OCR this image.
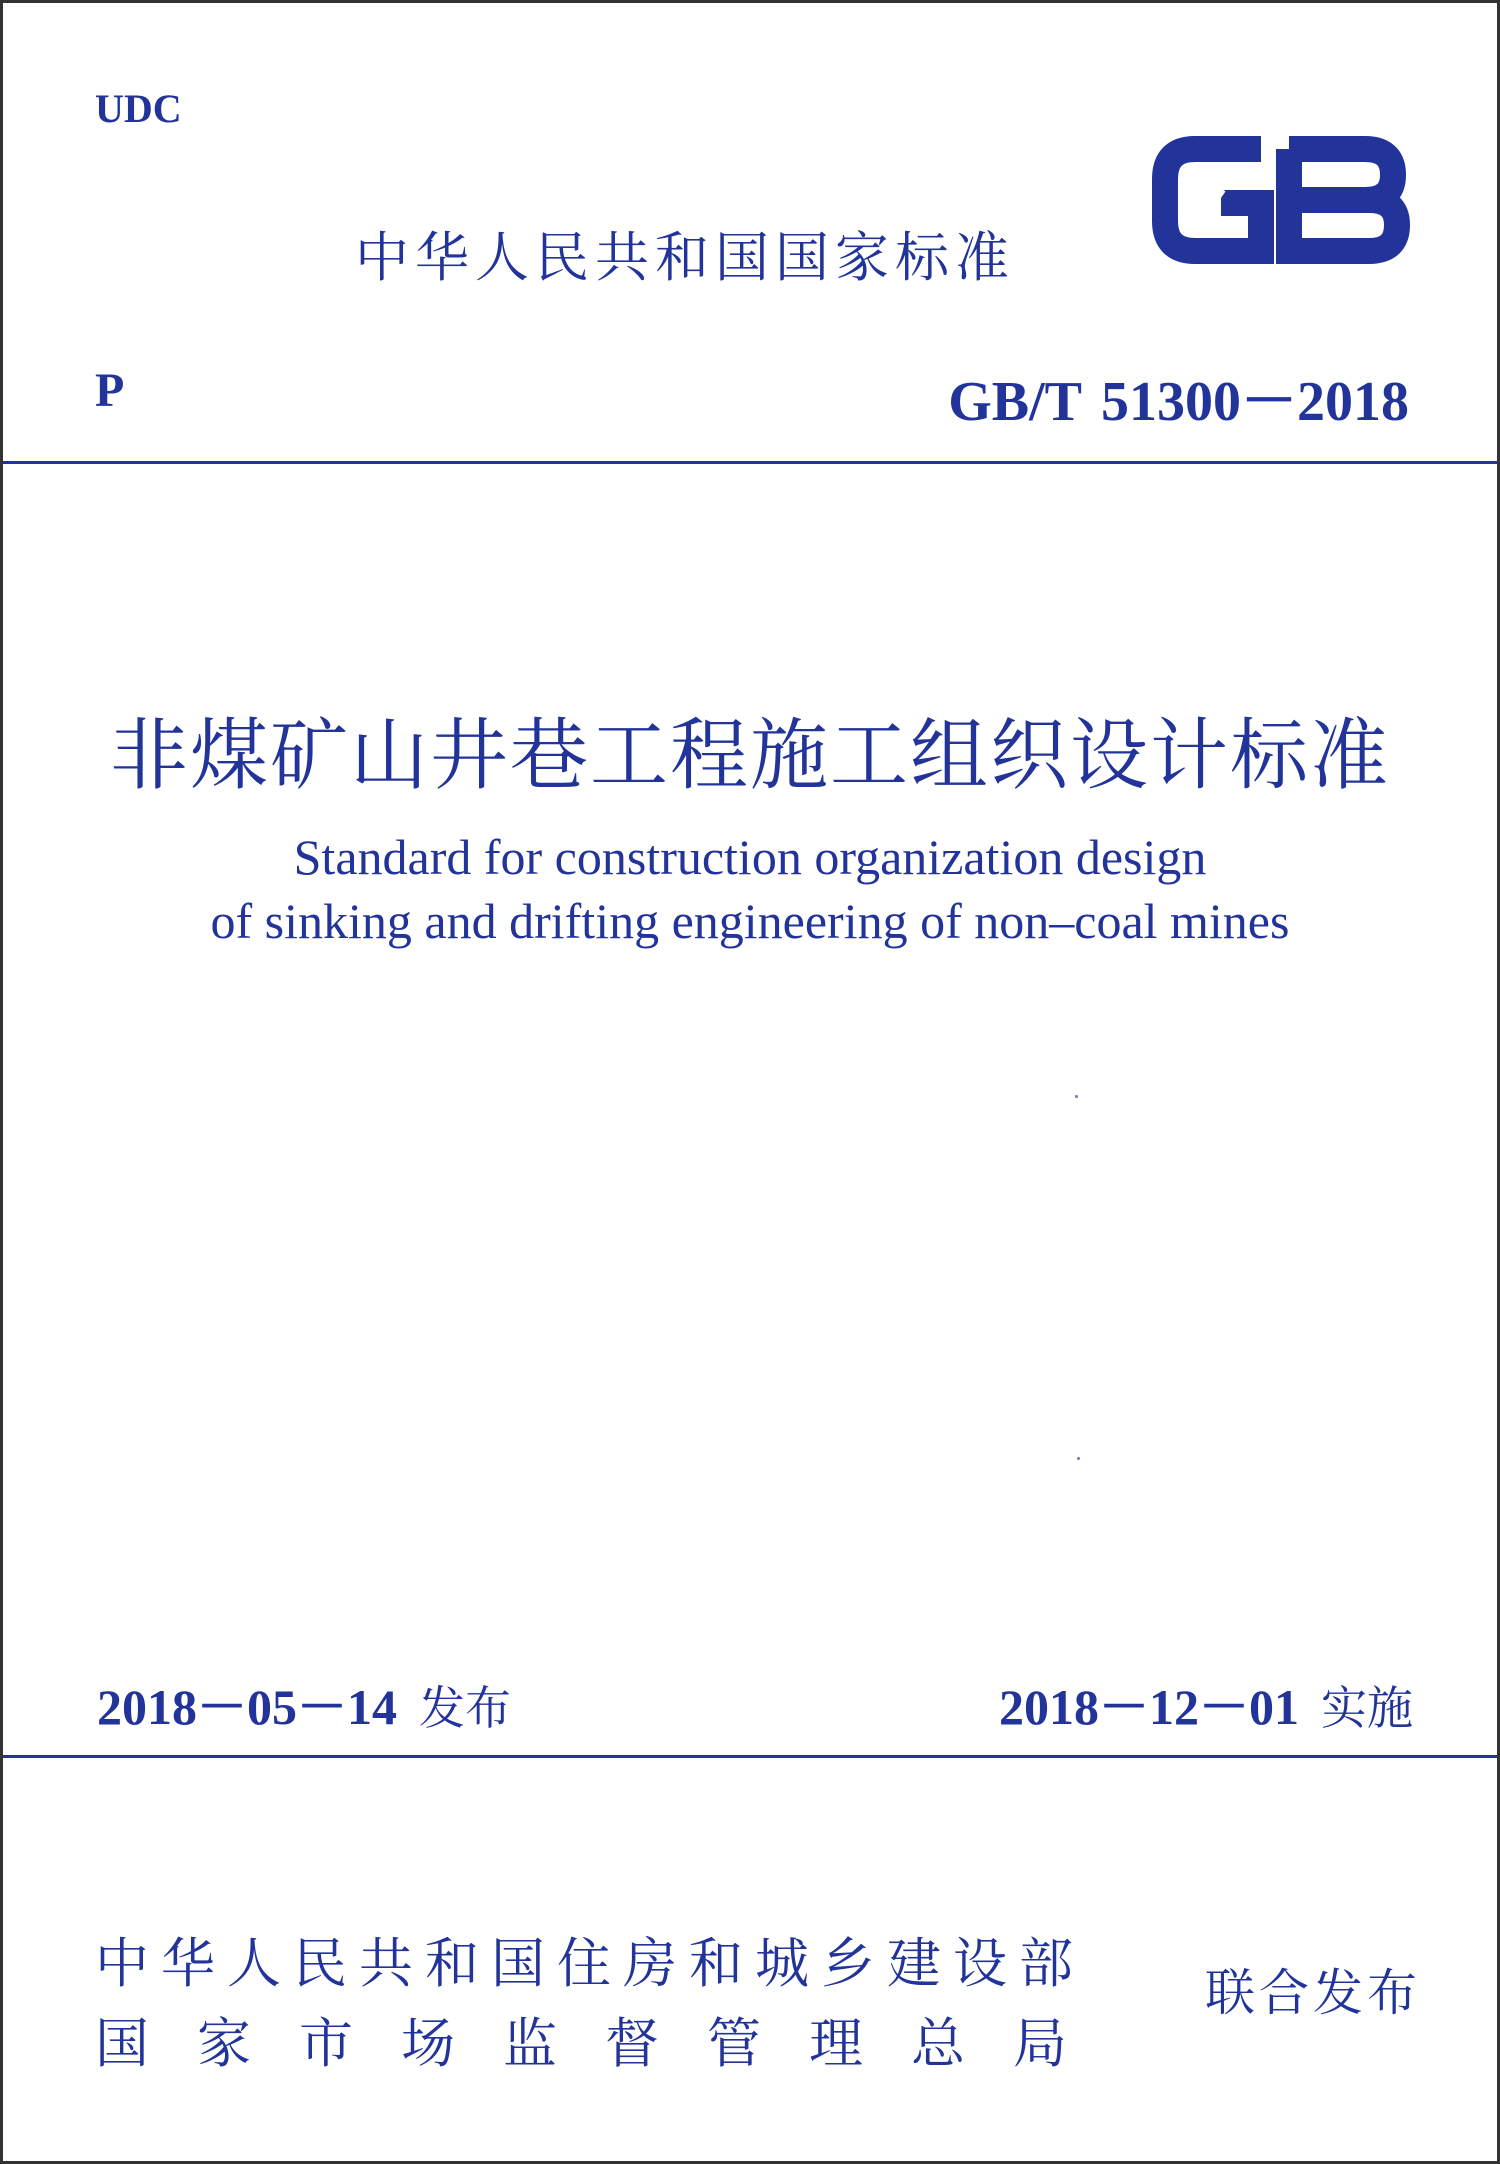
UDC
中华人民共和国国家标准
P	GB/T 51300－2018
非煤矿山井巷工程施工组织设计标准
Standard for construction organization design
of sinking and drifting engineering of non–coal mines
2018－05－14 发布	2018－12－01 实施
中华人民共和国住房和城乡建设部
国家市场监督管理总局
联合发布
